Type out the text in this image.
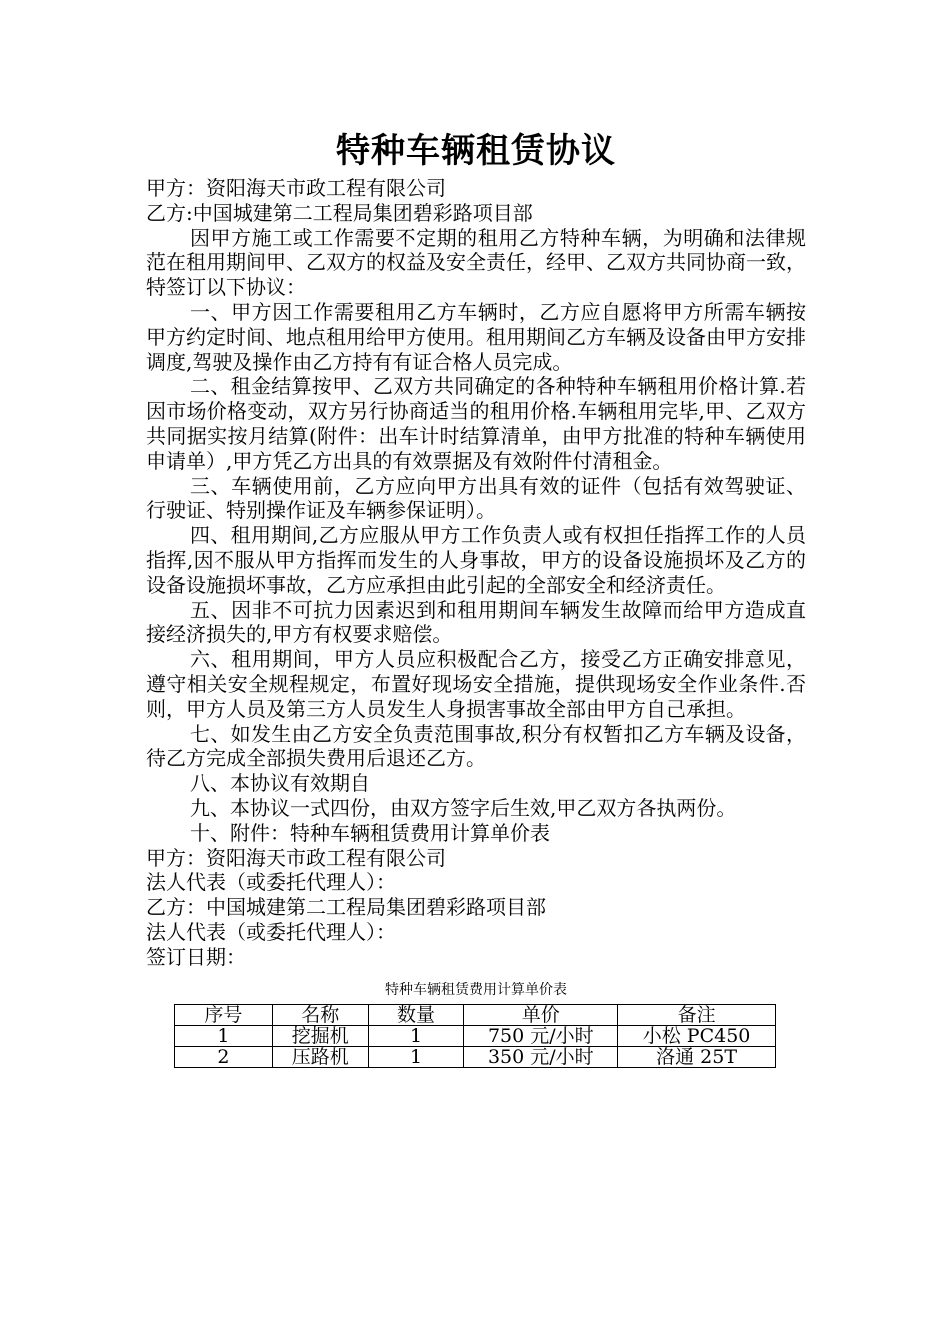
特种车辆租赁协议

甲方：资阳海天市政工程有限公司

乙方:中国城建第二工程局集团碧彩路项目部

因甲方施工或工作需要不定期的租用乙方特种车辆，为明确和法律规范在租用期间甲、乙双方的权益及安全责任，经甲、乙双方共同协商一致，特签订以下协议：

一、甲方因工作需要租用乙方车辆时，乙方应自愿将甲方所需车辆按甲方约定时间、地点租用给甲方使用。租用期间乙方车辆及设备由甲方安排调度,驾驶及操作由乙方持有有证合格人员完成。

二、租金结算按甲、乙双方共同确定的各种特种车辆租用价格计算.若因市场价格变动，双方另行协商适当的租用价格.车辆租用完毕,甲、乙双方共同据实按月结算(附件：出车计时结算清单，由甲方批准的特种车辆使用申请单）,甲方凭乙方出具的有效票据及有效附件付清租金。

三、车辆使用前，乙方应向甲方出具有效的证件（包括有效驾驶证、行驶证、特别操作证及车辆参保证明）。

四、租用期间,乙方应服从甲方工作负责人或有权担任指挥工作的人员指挥,因不服从甲方指挥而发生的人身事故，甲方的设备设施损坏及乙方的设备设施损坏事故，乙方应承担由此引起的全部安全和经济责任。

五、因非不可抗力因素迟到和租用期间车辆发生故障而给甲方造成直接经济损失的,甲方有权要求赔偿。

六、租用期间，甲方人员应积极配合乙方，接受乙方正确安排意见，遵守相关安全规程规定，布置好现场安全措施，提供现场安全作业条件.否则，甲方人员及第三方人员发生人身损害事故全部由甲方自己承担。

七、如发生由乙方安全负责范围事故,积分有权暂扣乙方车辆及设备，待乙方完成全部损失费用后退还乙方。

八、本协议有效期自

九、本协议一式四份，由双方签字后生效,甲乙双方各执两份。

十、附件：特种车辆租赁费用计算单价表

甲方：资阳海天市政工程有限公司

法人代表（或委托代理人）：

乙方：中国城建第二工程局集团碧彩路项目部

法人代表（或委托代理人）：

签订日期：

特种车辆租赁费用计算单价表
序号	名称	数量	单价	备注
1	挖掘机	1	750 元/小时	小松 PC450
2	压路机	1	350 元/小时	洛通 25T
